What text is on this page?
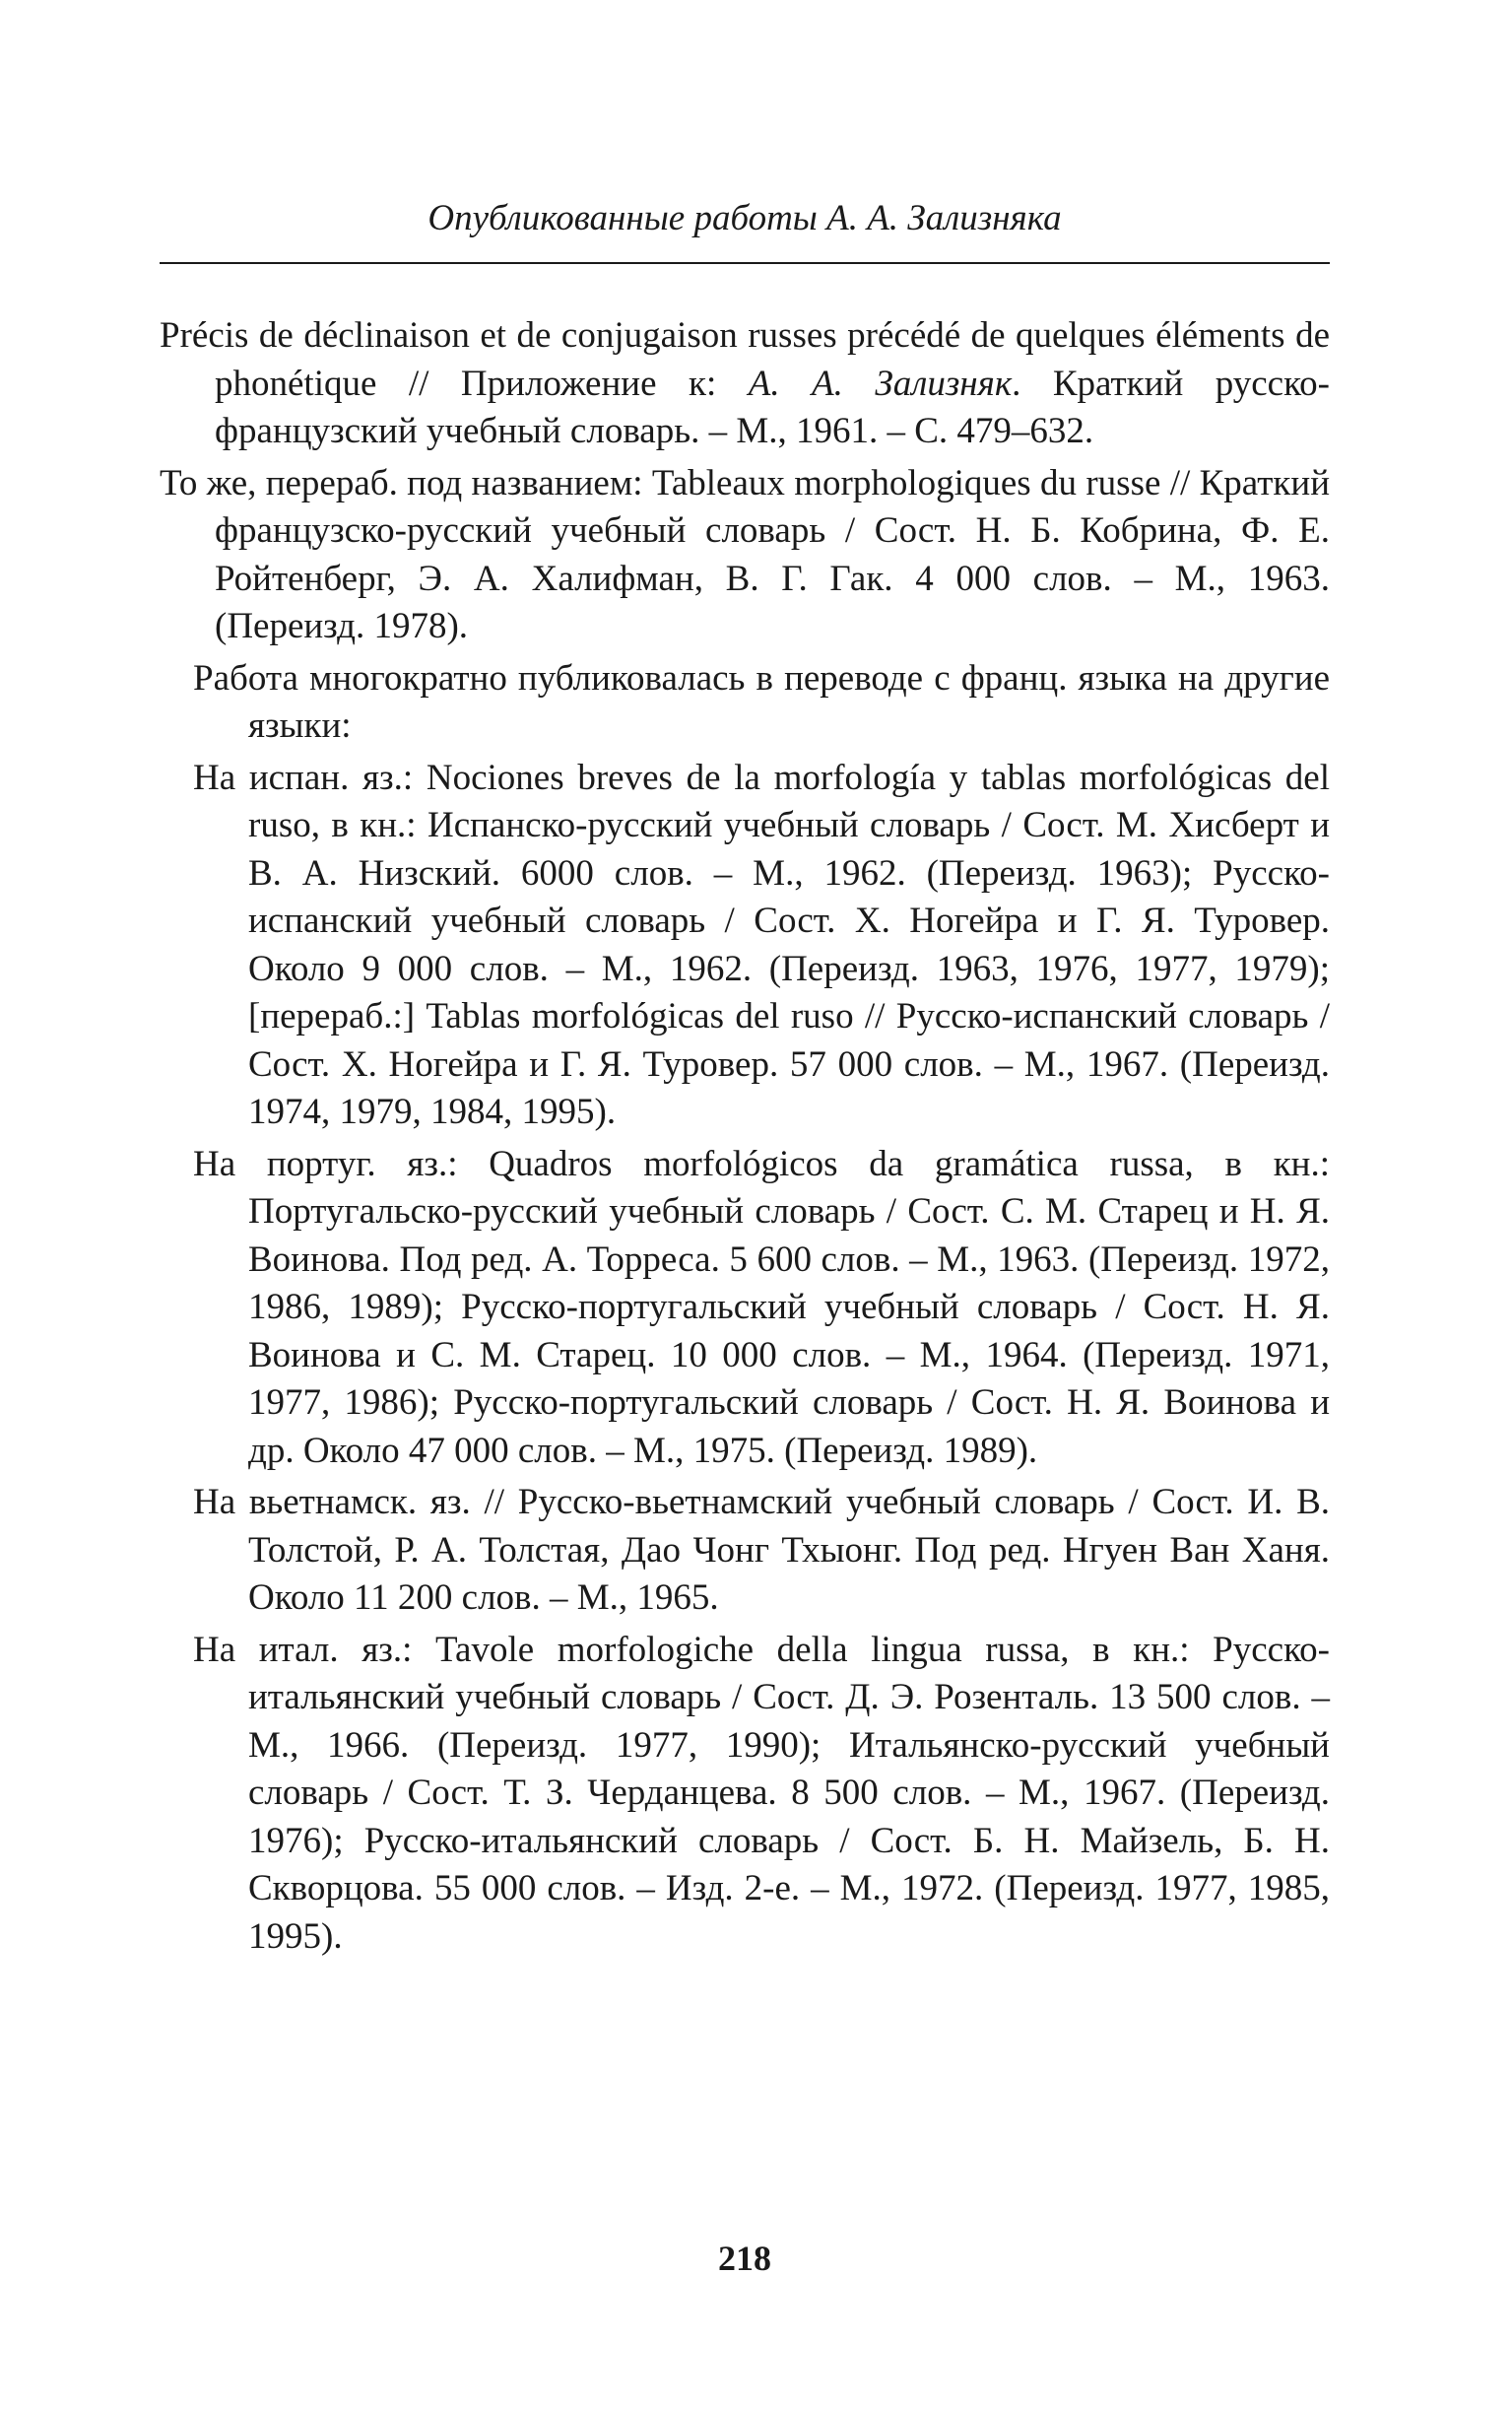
Опубликованные работы А. А. Зализняка

Précis de déclinaison et de conjugaison russes précédé de quelques éléments de phonétique // Приложение к: А. А. Зализняк. Краткий русско-французский учебный словарь. – М., 1961. – С. 479–632.

То же, перераб. под названием: Tableaux morphologiques du russe // Краткий французско-русский учебный словарь / Сост. Н. Б. Кобрина, Ф. Е. Ройтенберг, Э. А. Халифман, В. Г. Гак. 4 000 слов. – М., 1963. (Переизд. 1978).

Работа многократно публиковалась в переводе с франц. языка на другие языки:

На испан. яз.: Nociones breves de la morfología y tablas morfológicas del ruso, в кн.: Испанско-русский учебный словарь / Сост. М. Хисберт и В. А. Низский. 6000 слов. – М., 1962. (Переизд. 1963); Русско-испанский учебный словарь / Сост. Х. Ногейра и Г. Я. Туровер. Около 9 000 слов. – М., 1962. (Переизд. 1963, 1976, 1977, 1979); [перераб.:] Tablas morfológicas del ruso // Русско-испанский словарь / Сост. Х. Ногейра и Г. Я. Туровер. 57 000 слов. – М., 1967. (Переизд. 1974, 1979, 1984, 1995).

На португ. яз.: Quadros morfológicos da gramática russa, в кн.: Португальско-русский учебный словарь / Сост. С. М. Старец и Н. Я. Воинова. Под ред. А. Торреса. 5 600 слов. – М., 1963. (Переизд. 1972, 1986, 1989); Русско-португальский учебный словарь / Сост. Н. Я. Воинова и С. М. Старец. 10 000 слов. – М., 1964. (Переизд. 1971, 1977, 1986); Русско-португальский словарь / Сост. Н. Я. Воинова и др. Около 47 000 слов. – М., 1975. (Переизд. 1989).

На вьетнамск. яз. // Русско-вьетнамский учебный словарь / Сост. И. В. Толстой, Р. А. Толстая, Дао Чонг Тхыонг. Под ред. Нгуен Ван Ханя. Около 11 200 слов. – М., 1965.

На итал. яз.: Tavole morfologiche della lingua russa, в кн.: Русско-итальянский учебный словарь / Сост. Д. Э. Розенталь. 13 500 слов. – М., 1966. (Переизд. 1977, 1990); Итальянско-русский учебный словарь / Сост. Т. З. Черданцева. 8 500 слов. – М., 1967. (Переизд. 1976); Русско-итальянский словарь / Сост. Б. Н. Майзель, Б. Н. Скворцова. 55 000 слов. – Изд. 2-е. – М., 1972. (Переизд. 1977, 1985, 1995).

218
